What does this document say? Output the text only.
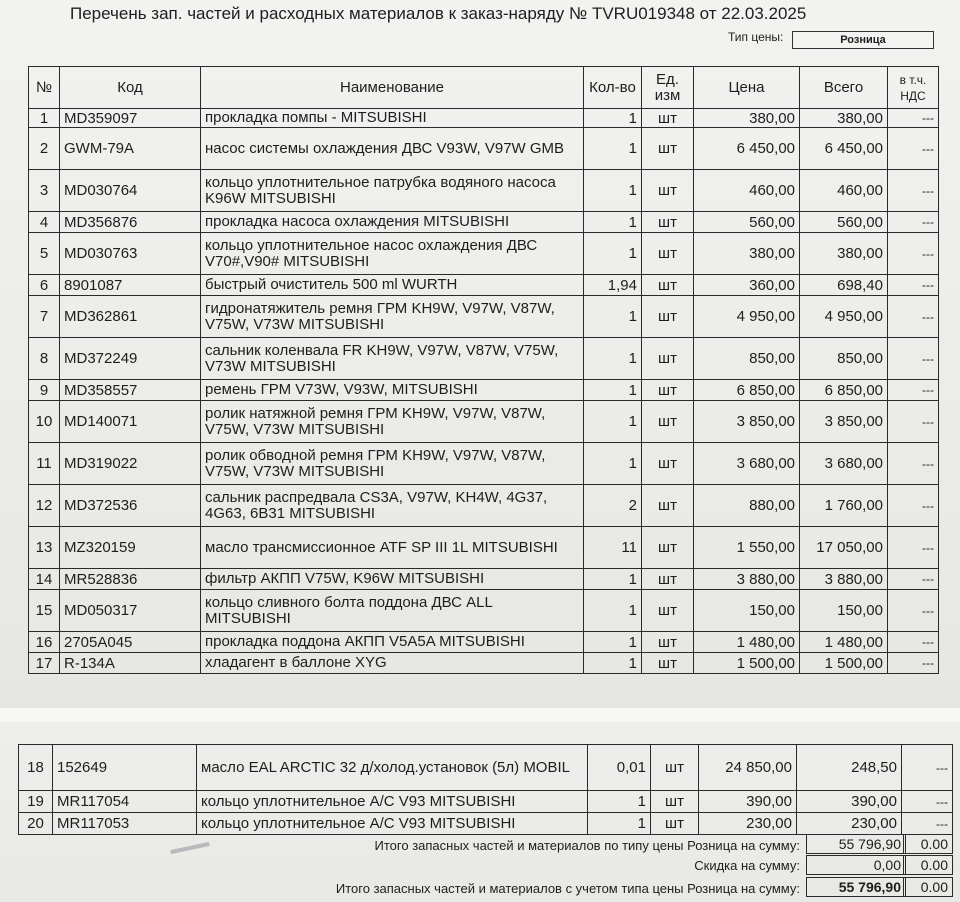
Перечень зап. частей и расходных материалов к заказ-наряду № TVRU019348 от 22.03.2025
Тип цены:	Розница
№	Код	Наименование	Кол-во	Ед. изм	Цена	Всего	в т.ч. НДС
1	MD359097	прокладка помпы - MITSUBISHI	1	шт	380,00	380,00	---
2	GWM-79A	насос системы охлаждения ДВС V93W, V97W GMB	1	шт	6 450,00	6 450,00	---
3	MD030764	кольцо уплотнительное патрубка водяного насоса K96W MITSUBISHI	1	шт	460,00	460,00	---
4	MD356876	прокладка насоса охлаждения MITSUBISHI	1	шт	560,00	560,00	---
5	MD030763	кольцо уплотнительное насос охлаждения ДВС V70#,V90# MITSUBISHI	1	шт	380,00	380,00	---
6	8901087	быстрый очиститель 500 ml WURTH	1,94	шт	360,00	698,40	---
7	MD362861	гидронатяжитель ремня ГРМ KH9W, V97W, V87W, V75W, V73W MITSUBISHI	1	шт	4 950,00	4 950,00	---
8	MD372249	сальник коленвала FR KH9W, V97W, V87W, V75W, V73W MITSUBISHI	1	шт	850,00	850,00	---
9	MD358557	ремень ГРМ V73W, V93W, MITSUBISHI	1	шт	6 850,00	6 850,00	---
10	MD140071	ролик натяжной ремня ГРМ KH9W, V97W, V87W, V75W, V73W MITSUBISHI	1	шт	3 850,00	3 850,00	---
11	MD319022	ролик обводной ремня ГРМ KH9W, V97W, V87W, V75W, V73W MITSUBISHI	1	шт	3 680,00	3 680,00	---
12	MD372536	сальник распредвала CS3A, V97W, KH4W, 4G37, 4G63, 6B31 MITSUBISHI	2	шт	880,00	1 760,00	---
13	MZ320159	масло трансмиссионное ATF SP III 1L MITSUBISHI	11	шт	1 550,00	17 050,00	---
14	MR528836	фильтр АКПП V75W, K96W MITSUBISHI	1	шт	3 880,00	3 880,00	---
15	MD050317	кольцо сливного болта поддона ДВС ALL MITSUBISHI	1	шт	150,00	150,00	---
16	2705A045	прокладка поддона АКПП V5A5A MITSUBISHI	1	шт	1 480,00	1 480,00	---
17	R-134A	хладагент в баллоне XYG	1	шт	1 500,00	1 500,00	---
18	152649	масло EAL ARCTIC 32 д/холод.установок (5л) MOBIL	0,01	шт	24 850,00	248,50	---
19	MR117054	кольцо уплотнительное A/C V93 MITSUBISHI	1	шт	390,00	390,00	---
20	MR117053	кольцо уплотнительное A/C V93 MITSUBISHI	1	шт	230,00	230,00	---
Итого запасных частей и материалов по типу цены Розница на сумму:	55 796,90	0.00
Скидка на сумму:	0,00	0.00
Итого запасных частей и материалов с учетом типа цены Розница на сумму:	55 796,90	0.00
